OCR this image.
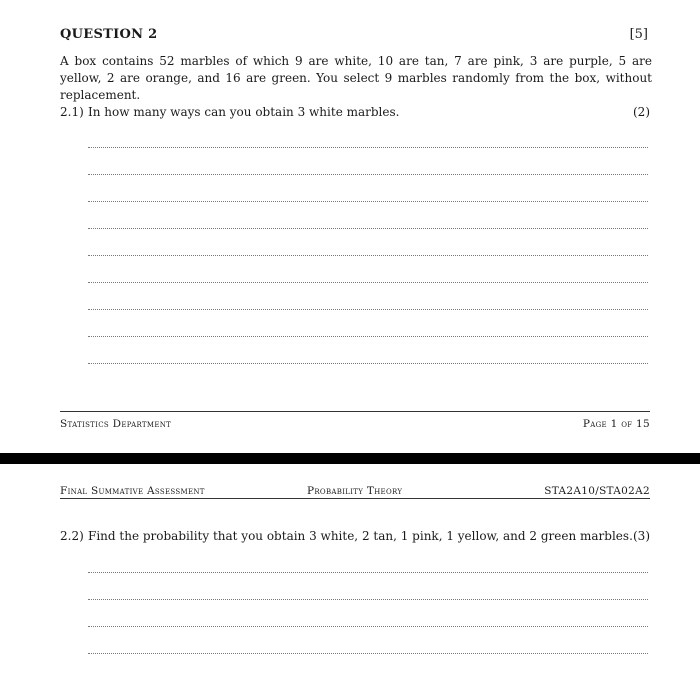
QUESTION 2	[5]
A box contains 52 marbles of which 9 are white, 10 are tan, 7 are pink, 3 are purple, 5 are yellow, 2 are orange, and 16 are green. You select 9 marbles randomly from the box, without replacement.
2.1) In how many ways can you obtain 3 white marbles.	(2)
Statistics Department	Page 1 of 15
Final Summative Assessment	Probability Theory	STA2A10/STA02A2
2.2) Find the probability that you obtain 3 white, 2 tan, 1 pink, 1 yellow, and 2 green marbles. (3)
